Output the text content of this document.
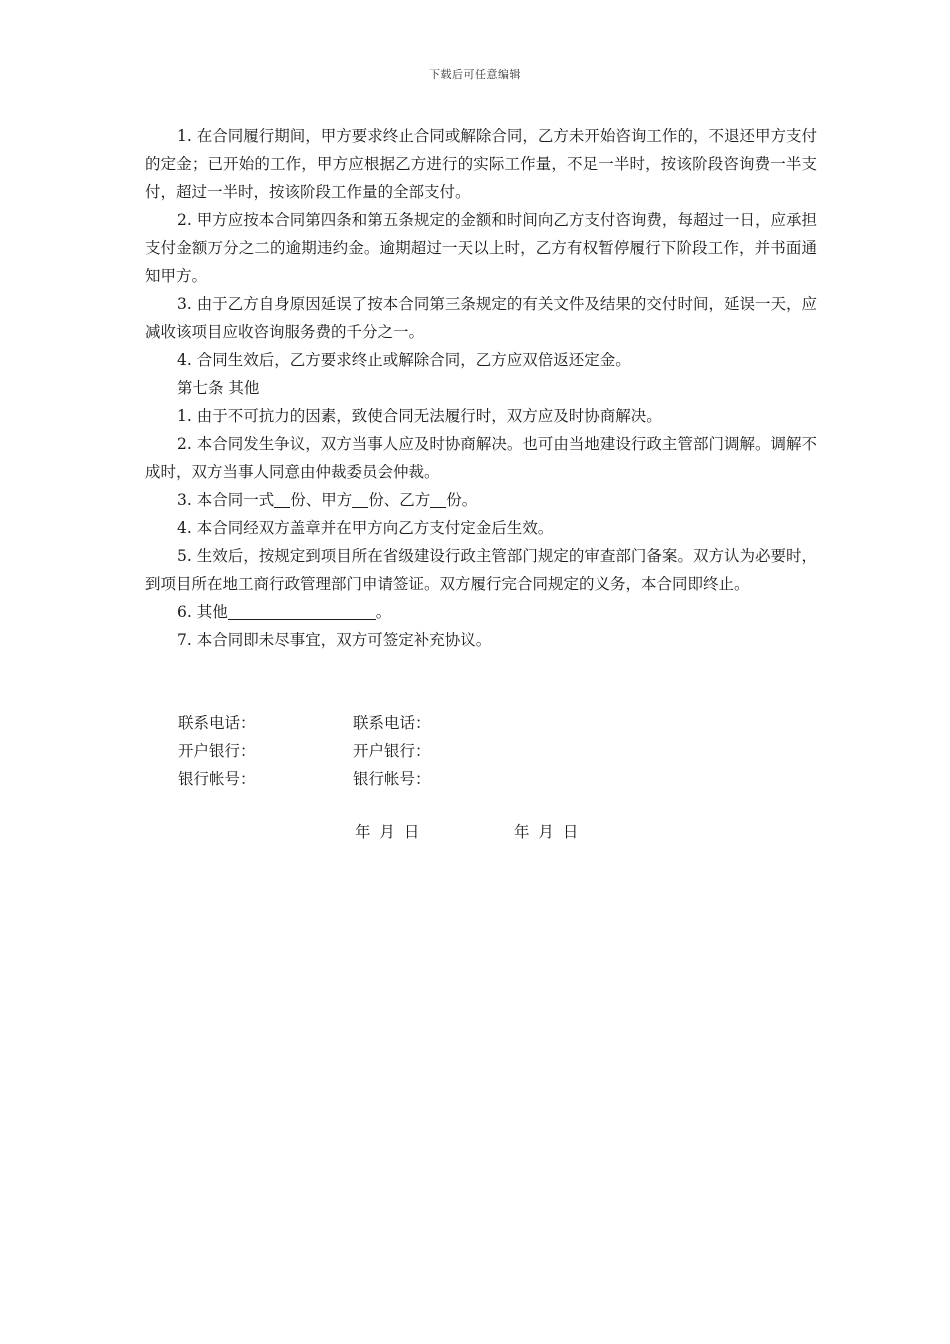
下载后可任意编辑

1. 在合同履行期间，甲方要求终止合同或解除合同，乙方未开始咨询工作的，不退还甲方支付的定金；已开始的工作，甲方应根据乙方进行的实际工作量，不足一半时，按该阶段咨询费一半支付，超过一半时，按该阶段工作量的全部支付。

2. 甲方应按本合同第四条和第五条规定的金额和时间向乙方支付咨询费，每超过一日，应承担支付金额万分之二的逾期违约金。逾期超过一天以上时，乙方有权暂停履行下阶段工作，并书面通知甲方。

3. 由于乙方自身原因延误了按本合同第三条规定的有关文件及结果的交付时间，延误一天，应减收该项目应收咨询服务费的千分之一。

4. 合同生效后，乙方要求终止或解除合同，乙方应双倍返还定金。

第七条 其他

1. 由于不可抗力的因素，致使合同无法履行时，双方应及时协商解决。

2. 本合同发生争议，双方当事人应及时协商解决。也可由当地建设行政主管部门调解。调解不成时，双方当事人同意由仲裁委员会仲裁。

3. 本合同一式 份、甲方 份、乙方 份。

4. 本合同经双方盖章并在甲方向乙方支付定金后生效。

5. 生效后，按规定到项目所在省级建设行政主管部门规定的审查部门备案。双方认为必要时，到项目所在地工商行政管理部门申请签证。双方履行完合同规定的义务，本合同即终止。

6. 其他	。

7. 本合同即未尽事宜，双方可签定补充协议。

联系电话：	联系电话：
开户银行：	开户银行：
银行帐号：	银行帐号：
年 月 日	年 月 日
